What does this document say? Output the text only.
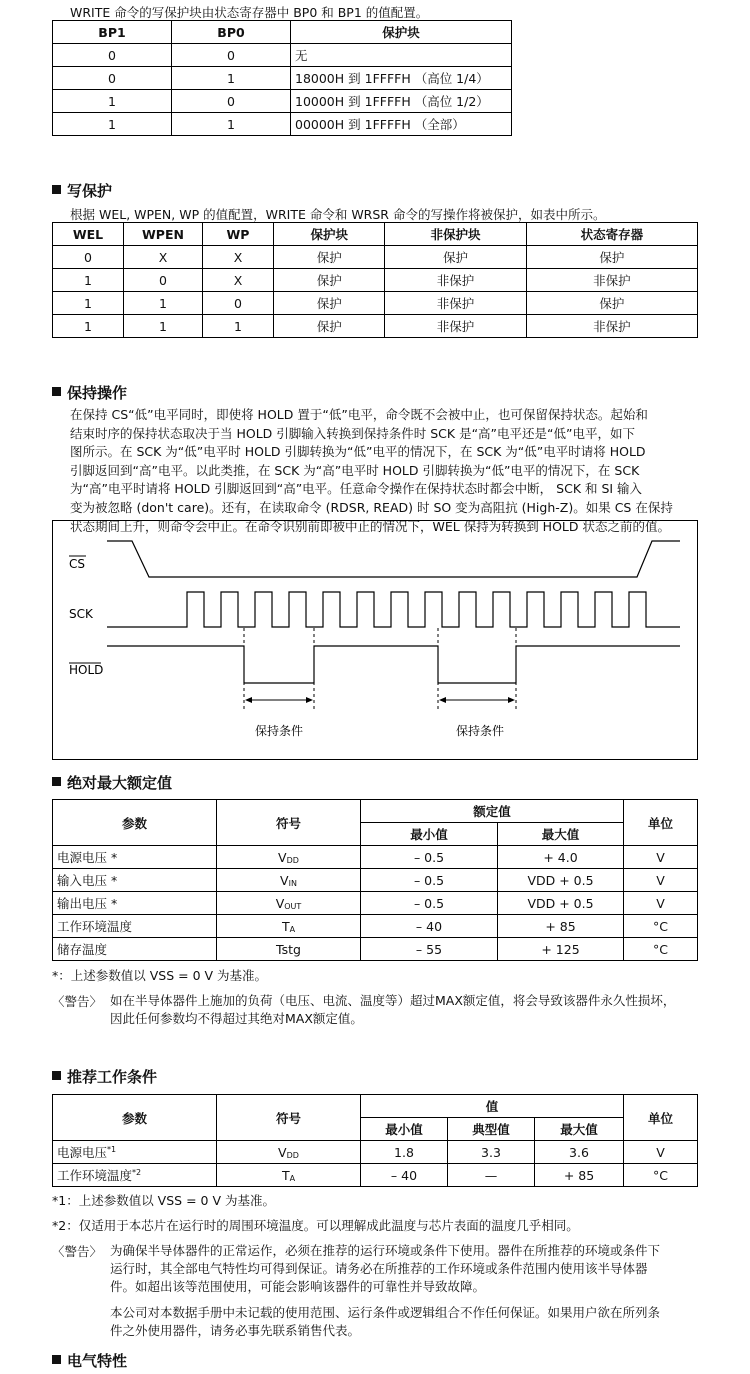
WRITE 命令的写保护块由状态寄存器中 BP0 和 BP1 的值配置。
BP1	BP0	保护块
0	0	无
0	1	18000H 到 1FFFFH （高位 1/4）
1	0	10000H 到 1FFFFH （高位 1/2）
1	1	00000H 到 1FFFFH （全部）
写保护
根据 WEL, WPEN, WP 的值配置，WRITE 命令和 WRSR 命令的写操作将被保护，如表中所示。
WEL	WPEN	WP	保护块	非保护块	状态寄存器
0	X	X	保护	保护	保护
1	0	X	保护	非保护	非保护
1	1	0	保护	非保护	保护
1	1	1	保护	非保护	非保护
保持操作
在保持 CS“低”电平同时，即使将 HOLD 置于“低”电平，命令既不会被中止，也可保留保持状态。起始和
结束时序的保持状态取决于当 HOLD 引脚输入转换到保持条件时 SCK 是“高”电平还是“低”电平，如下
图所示。在 SCK 为“低”电平时 HOLD 引脚转换为“低”电平的情况下，在 SCK 为“低”电平时请将 HOLD
引脚返回到“高”电平。以此类推，在 SCK 为“高”电平时 HOLD 引脚转换为“低”电平的情况下，在 SCK
为“高”电平时请将 HOLD 引脚返回到“高”电平。任意命令操作在保持状态时都会中断， SCK 和 SI 输入
变为被忽略 (don't care)。还有，在读取命令 (RDSR, READ) 时 SO 变为高阻抗 (High-Z)。如果 CS 在保持
状态期间上升，则命令会中止。在命令识别前即被中止的情况下，WEL 保持为转换到 HOLD 状态之前的值。
CS
SCK
HOLD
保持条件	保持条件
绝对最大额定值
参数	符号	额定值		单位
		最小值	最大值	
电源电压 *	VDD	– 0.5	+ 4.0	V
输入电压 *	VIN	– 0.5	VDD + 0.5	V
输出电压 *	VOUT	– 0.5	VDD + 0.5	V
工作环境温度	TA	– 40	+ 85	°C
储存温度	Tstg	– 55	+ 125	°C
*：上述参数值以 VSS = 0 V 为基准。
〈警告〉 如在半导体器件上施加的负荷（电压、电流、温度等）超过MAX额定值，将会导致该器件永久性损坏，
因此任何参数均不得超过其绝对MAX额定值。
推荐工作条件
参数	符号	值			单位
		最小值	典型值	最大值	
电源电压$^{*1}$	VDD	1.8	3.3	3.6	V
工作环境温度$^{*2}$	TA	– 40	—	+ 85	°C
*1：上述参数值以 VSS = 0 V 为基准。
*2：仅适用于本芯片在运行时的周围环境温度。可以理解成此温度与芯片表面的温度几乎相同。
〈警告〉 为确保半导体器件的正常运作，必须在推荐的运行环境或条件下使用。器件在所推荐的环境或条件下
运行时，其全部电气特性均可得到保证。请务必在所推荐的工作环境或条件范围内使用该半导体器
件。如超出该等范围使用，可能会影响该器件的可靠性并导致故障。
本公司对本数据手册中未记载的使用范围、运行条件或逻辑组合不作任何保证。如果用户欲在所列条
件之外使用器件，请务必事先联系销售代表。
电气特性
